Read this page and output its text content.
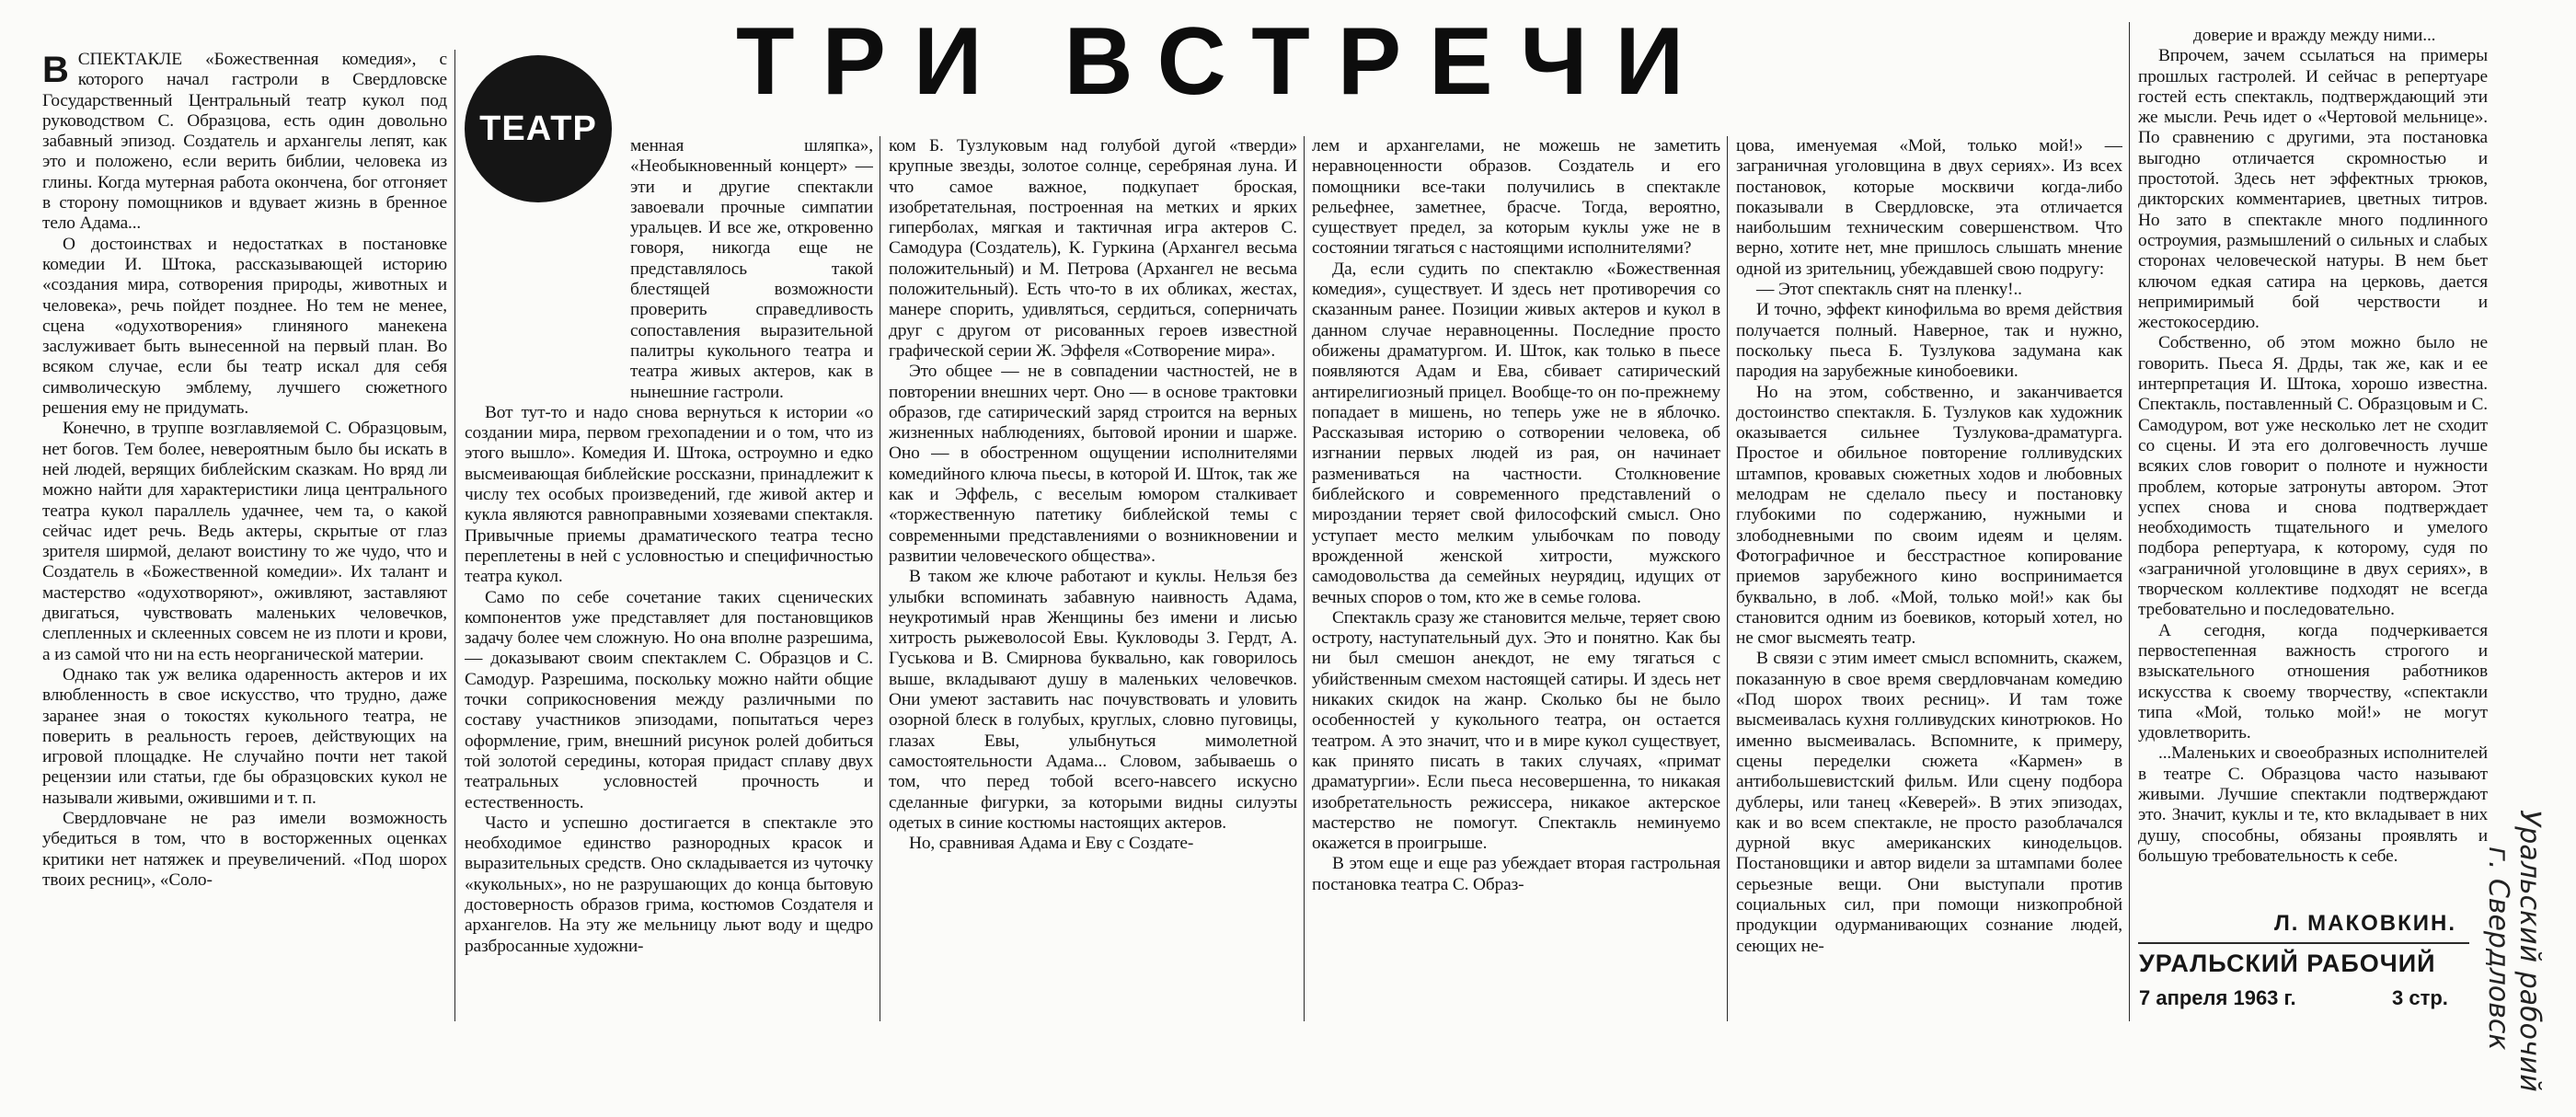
ТРИ ВСТРЕЧИ
ТЕАТР
В СПЕКТАКЛЕ «Божественная комедия», с которого начал гастроли в Свердловске Государственный Центральный театр кукол под руководством С. Образцова, есть один довольно забавный эпизод. Создатель и архангелы лепят, как это и положено, если верить библии, человека из глины. Когда мутерная работа окончена, бог отгоняет в сторону помощников и вдувает жизнь в бренное тело Адама...

О достоинствах и недостатках в постановке комедии И. Штока, рассказывающей историю «создания мира, сотворения природы, животных и человека», речь пойдет позднее. Но тем не менее, сцена «одухотворения» глиняного манекена заслуживает быть вынесенной на первый план. Во всяком случае, если бы театр искал для себя символическую эмблему, лучшего сюжетного решения ему не придумать.

Конечно, в труппе возглавляемой С. Образцовым, нет богов. Тем более, невероятным было бы искать в ней людей, верящих библейским сказкам. Но вряд ли можно найти для характеристики лица центрального театра кукол параллель удачнее, чем та, о какой сейчас идет речь. Ведь актеры, скрытые от глаз зрителя ширмой, делают воистину то же чудо, что и Создатель в «Божественной комедии». Их талант и мастерство «одухотворяют», оживляют, заставляют двигаться, чувствовать маленьких человечков, слепленных и склеенных совсем не из плоти и крови, а из самой что ни на есть неорганической материи.

Однако так уж велика одаренность актеров и их влюбленность в свое искусство, что трудно, даже заранее зная о токостях кукольного театра, не поверить в реальность героев, действующих на игровой площадке. Не случайно почти нет такой рецензии или статьи, где бы образцовских кукол не называли живыми, ожившими и т. п.

Свердловчане не раз имели возможность убедиться в том, что в восторженных оценках критики нет натяжек и преувеличений. «Под шорох твоих ресниц», «Соло-

менная шляпка», «Необыкновенный концерт» — эти и другие спектакли завоевали прочные симпатии уральцев. И все же, откровенно говоря, никогда еще не представлялось такой блестящей возможности проверить справедливость сопоставления выразительной палитры кукольного театра и театра живых актеров, как в нынешние гастроли.

Вот тут-то и надо снова вернуться к истории «о создании мира, первом грехопадении и о том, что из этого вышло». Комедия И. Штока, остроумно и едко высмеивающая библейские россказни, принадлежит к числу тех особых произведений, где живой актер и кукла являются равноправными хозяевами спектакля. Привычные приемы драматического театра тесно переплетены в ней с условностью и специфичностью театра кукол.

Само по себе сочетание таких сценических компонентов уже представляет для постановщиков задачу более чем сложную. Но она вполне разрешима, — доказывают своим спектаклем С. Образцов и С. Самодур. Разрешима, поскольку можно найти общие точки соприкосновения между различными по составу участников эпизодами, попытаться через оформление, грим, внешний рисунок ролей добиться той золотой середины, которая придаст сплаву двух театральных условностей прочность и естественность.

Часто и успешно достигается в спектакле это необходимое единство разнородных красок и выразительных средств. Оно складывается из чуточку «кукольных», но не разрушающих до конца бытовую достоверность образов грима, костюмов Создателя и архангелов. На эту же мельницу льют воду и щедро разбросанные художни-

ком Б. Тузлуковым над голубой дугой «тверди» крупные звезды, золотое солнце, серебряная луна. И что самое важное, подкупает броская, изобретательная, построенная на метких и ярких гиперболах, мягкая и тактичная игра актеров С. Самодура (Создатель), К. Гуркина (Архангел весьма положительный) и М. Петрова (Архангел не весьма положительный). Есть что-то в их обликах, жестах, манере спорить, удивляться, сердиться, соперничать друг с другом от рисованных героев известной графической серии Ж. Эффеля «Сотворение мира».

Это общее — не в совпадении частностей, не в повторении внешних черт. Оно — в основе трактовки образов, где сатирический заряд строится на верных жизненных наблюдениях, бытовой иронии и шарже. Оно — в обостренном ощущении исполнителями комедийного ключа пьесы, в которой И. Шток, так же как и Эффель, с веселым юмором сталкивает «торжественную патетику библейской темы с современными представлениями о возникновении и развитии человеческого общества».

В таком же ключе работают и куклы. Нельзя без улыбки вспоминать забавную наивность Адама, неукротимый нрав Женщины без имени и лисью хитрость рыжеволосой Евы. Кукловоды З. Гердт, А. Гуськова и В. Смирнова буквально, как говорилось выше, вкладывают душу в маленьких человечков. Они умеют заставить нас почувствовать и уловить озорной блеск в голубых, круглых, словно пуговицы, глазах Евы, улыбнуться мимолетной самостоятельности Адама... Словом, забываешь о том, что перед тобой всего-навсего искусно сделанные фигурки, за которыми видны силуэты одетых в синие костюмы настоящих актеров.

Но, сравнивая Адама и Еву с Создате-

лем и архангелами, не можешь не заметить неравноценности образов. Создатель и его помощники все-таки получились в спектакле рельефнее, заметнее, брасче. Тогда, вероятно, существует предел, за которым куклы уже не в состоянии тягаться с настоящими исполнителями?

Да, если судить по спектаклю «Божественная комедия», существует. И здесь нет противоречия со сказанным ранее. Позиции живых актеров и кукол в данном случае неравноценны. Последние просто обижены драматургом. И. Шток, как только в пьесе появляются Адам и Ева, сбивает сатирический антирелигиозный прицел. Вообще-то он по-прежнему попадает в мишень, но теперь уже не в яблочко. Рассказывая историю о сотворении человека, об изгнании первых людей из рая, он начинает размениваться на частности. Столкновение библейского и современного представлений о мироздании теряет свой философский смысл. Оно уступает место мелким улыбочкам по поводу врожденной женской хитрости, мужского самодовольства да семейных неурядиц, идущих от вечных споров о том, кто же в семье голова.

Спектакль сразу же становится мельче, теряет свою остроту, наступательный дух. Это и понятно. Как бы ни был смешон анекдот, не ему тягаться с убийственным смехом настоящей сатиры. И здесь нет никаких скидок на жанр. Сколько бы не было особенностей у кукольного театра, он остается театром. А это значит, что и в мире кукол существует, как принято писать в таких случаях, «примат драматургии». Если пьеса несовершенна, то никакая изобретательность режиссера, никакое актерское мастерство не помогут. Спектакль неминуемо окажется в проигрыше.

В этом еще и еще раз убеждает вторая гастрольная постановка театра С. Образ-

цова, именуемая «Мой, только мой!» — заграничная уголовщина в двух сериях». Из всех постановок, которые москвичи когда-либо показывали в Свердловске, эта отличается наибольшим техническим совершенством. Что верно, хотите нет, мне пришлось слышать мнение одной из зрительниц, убеждавшей свою подругу:

— Этот спектакль снят на пленку!..

И точно, эффект кинофильма во время действия получается полный. Наверное, так и нужно, поскольку пьеса Б. Тузлукова задумана как пародия на зарубежные кинобоевики.

Но на этом, собственно, и заканчивается достоинство спектакля. Б. Тузлуков как художник оказывается сильнее Тузлукова-драматурга. Простое и обильное повторение голливудских штампов, кровавых сюжетных ходов и любовных мелодрам не сделало пьесу и постановку глубокими по содержанию, нужными и злободневными по своим идеям и целям. Фотографичное и бесстрастное копирование приемов зарубежного кино воспринимается буквально, в лоб. «Мой, только мой!» как бы становится одним из боевиков, который хотел, но не смог высмеять театр.

В связи с этим имеет смысл вспомнить, скажем, показанную в свое время свердловчанам комедию «Под шорох твоих ресниц». И там тоже высмеивалась кухня голливудских кинотрюков. Но именно высмеивалась. Вспомните, к примеру, сцены переделки сюжета «Кармен» в антибольшевистский фильм. Или сцену подбора дублеры, или танец «Кеверей». В этих эпизодах, как и во всем спектакле, не просто разоблачался дурной вкус американских кинодельцов. Постановщики и автор видели за штампами более серьезные вещи. Они выступали против социальных сил, при помощи низкопробной продукции одурманивающих сознание людей, сеющих не-

доверие и вражду между ними...

Впрочем, зачем ссылаться на примеры прошлых гастролей. И сейчас в репертуаре гостей есть спектакль, подтверждающий эти же мысли. Речь идет о «Чертовой мельнице». По сравнению с другими, эта постановка выгодно отличается скромностью и простотой. Здесь нет эффектных трюков, дикторских комментариев, цветных титров. Но зато в спектакле много подлинного остроумия, размышлений о сильных и слабых сторонах человеческой натуры. В нем бьет ключом едкая сатира на церковь, дается непримиримый бой черствости и жестокосердию.

Собственно, об этом можно было не говорить. Пьеса Я. Дрды, так же, как и ее интерпретация И. Штока, хорошо известна. Спектакль, поставленный С. Образцовым и С. Самодуром, вот уже несколько лет не сходит со сцены. И эта его долговечность лучше всяких слов говорит о полноте и нужности проблем, которые затронуты автором. Этот успех снова и снова подтверждает необходимость тщательного и умелого подбора репертуара, к которому, судя по «заграничной уголовщине в двух сериях», в творческом коллективе подходят не всегда требовательно и последовательно.

А сегодня, когда подчеркивается первостепенная важность строгого и взыскательного отношения работников искусства к своему творчеству, «спектакли типа «Мой, только мой!» не могут удовлетворить.

...Маленьких и своеобразных исполнителей в театре С. Образцова часто называют живыми. Лучшие спектакли подтверждают это. Значит, куклы и те, кто вкладывает в них душу, способны, обязаны проявлять и большую требовательность к себе.

Л. МАКОВКИН.
УРАЛЬСКИЙ РАБОЧИЙ
7 апреля 1963 г.	3 стр. Уральский рабочий
г. Свердловск
